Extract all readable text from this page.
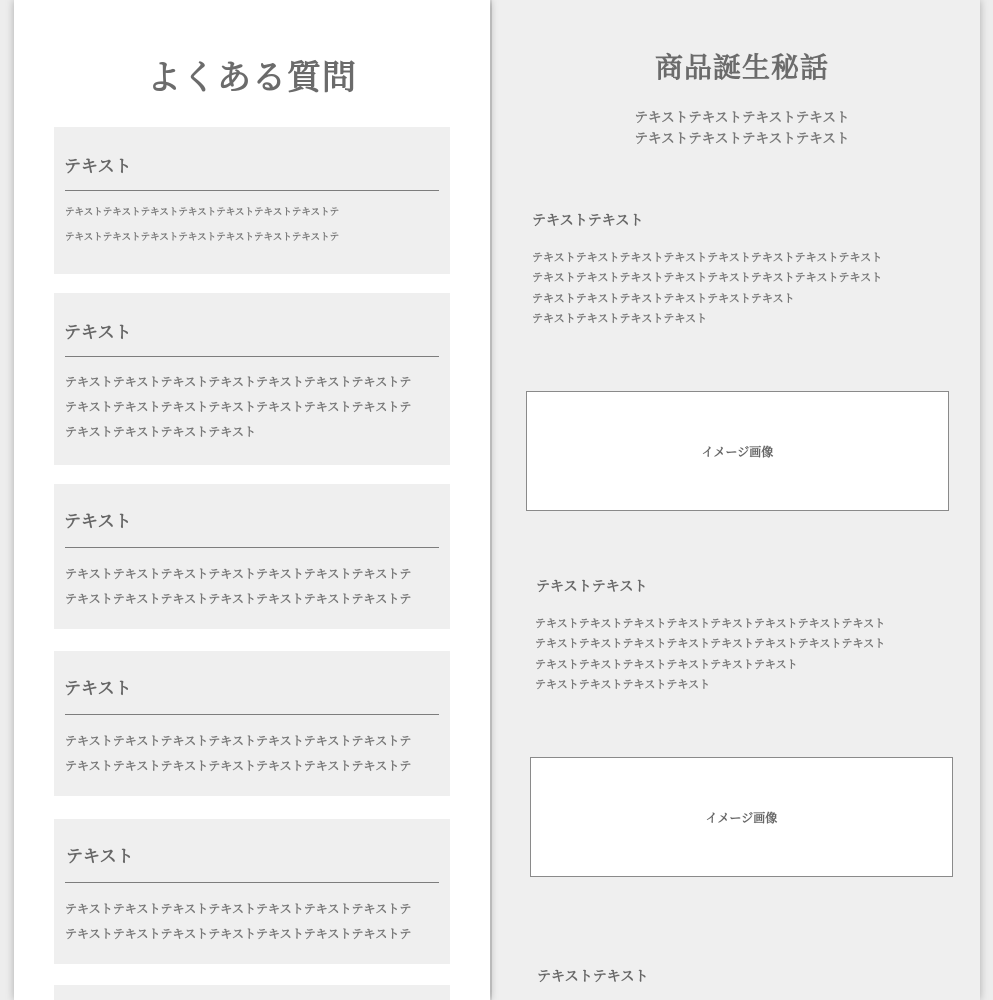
よくある質問
テキスト

テキストテキストテキストテキストテキストテキストテキストテ
テキストテキストテキストテキストテキストテキストテキストテ

テキスト

テキストテキストテキストテキストテキストテキストテキストテ
テキストテキストテキストテキストテキストテキストテキストテ
テキストテキストテキストテキスト

テキスト

テキストテキストテキストテキストテキストテキストテキストテ
テキストテキストテキストテキストテキストテキストテキストテ

テキスト

テキストテキストテキストテキストテキストテキストテキストテ
テキストテキストテキストテキストテキストテキストテキストテ

テキスト

テキストテキストテキストテキストテキストテキストテキストテ
テキストテキストテキストテキストテキストテキストテキストテ

商品誕生秘話

テキストテキストテキストテキスト
テキストテキストテキストテキスト

テキストテキスト

テキストテキストテキストテキストテキストテキストテキストテキスト
テキストテキストテキストテキストテキストテキストテキストテキスト
テキストテキストテキストテキストテキストテキスト
テキストテキストテキストテキスト

イメージ画像
テキストテキスト

テキストテキストテキストテキストテキストテキストテキストテキスト
テキストテキストテキストテキストテキストテキストテキストテキスト
テキストテキストテキストテキストテキストテキスト
テキストテキストテキストテキスト

イメージ画像
テキストテキスト
